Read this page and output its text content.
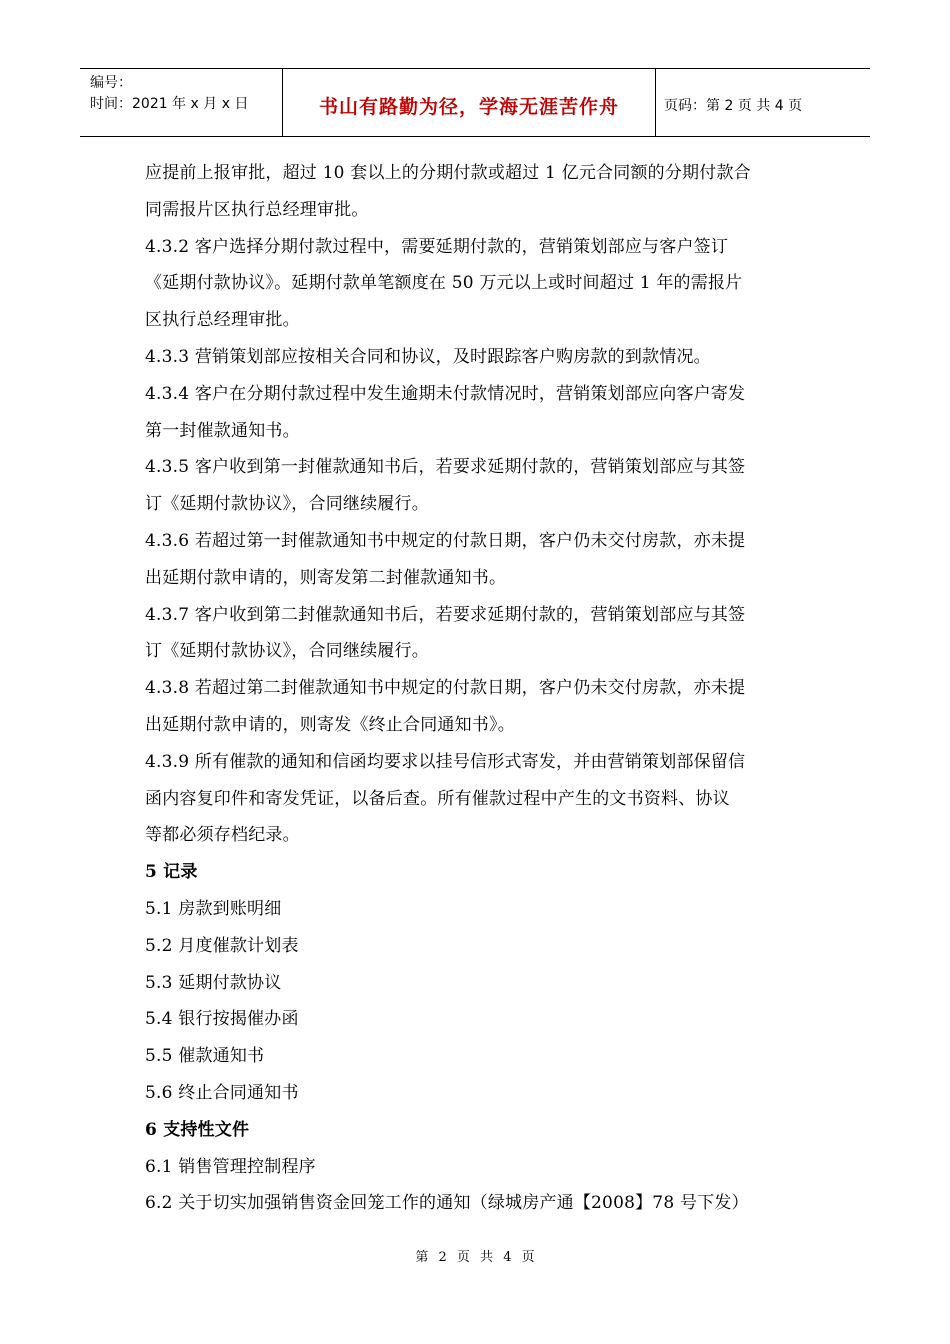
编号：
时间：2021 年 x 月 x 日	书山有路勤为径，学海无涯苦作舟	页码：第 2 页 共 4 页
应提前上报审批，超过 10 套以上的分期付款或超过 1 亿元合同额的分期付款合
同需报片区执行总经理审批。
4.3.2 客户选择分期付款过程中，需要延期付款的，营销策划部应与客户签订
《延期付款协议》。延期付款单笔额度在 50 万元以上或时间超过 1 年的需报片
区执行总经理审批。
4.3.3 营销策划部应按相关合同和协议，及时跟踪客户购房款的到款情况。
4.3.4 客户在分期付款过程中发生逾期未付款情况时，营销策划部应向客户寄发
第一封催款通知书。
4.3.5 客户收到第一封催款通知书后，若要求延期付款的，营销策划部应与其签
订《延期付款协议》，合同继续履行。
4.3.6 若超过第一封催款通知书中规定的付款日期，客户仍未交付房款，亦未提
出延期付款申请的，则寄发第二封催款通知书。
4.3.7 客户收到第二封催款通知书后，若要求延期付款的，营销策划部应与其签
订《延期付款协议》，合同继续履行。
4.3.8 若超过第二封催款通知书中规定的付款日期，客户仍未交付房款，亦未提
出延期付款申请的，则寄发《终止合同通知书》。
4.3.9 所有催款的通知和信函均要求以挂号信形式寄发，并由营销策划部保留信
函内容复印件和寄发凭证，以备后查。所有催款过程中产生的文书资料、协议
等都必须存档纪录。
5 记录
5.1 房款到账明细
5.2 月度催款计划表
5.3 延期付款协议
5.4 银行按揭催办函
5.5 催款通知书
5.6 终止合同通知书
6 支持性文件
6.1 销售管理控制程序
6.2 关于切实加强销售资金回笼工作的通知（绿城房产通【2008】78 号下发）
第 2 页 共 4 页
